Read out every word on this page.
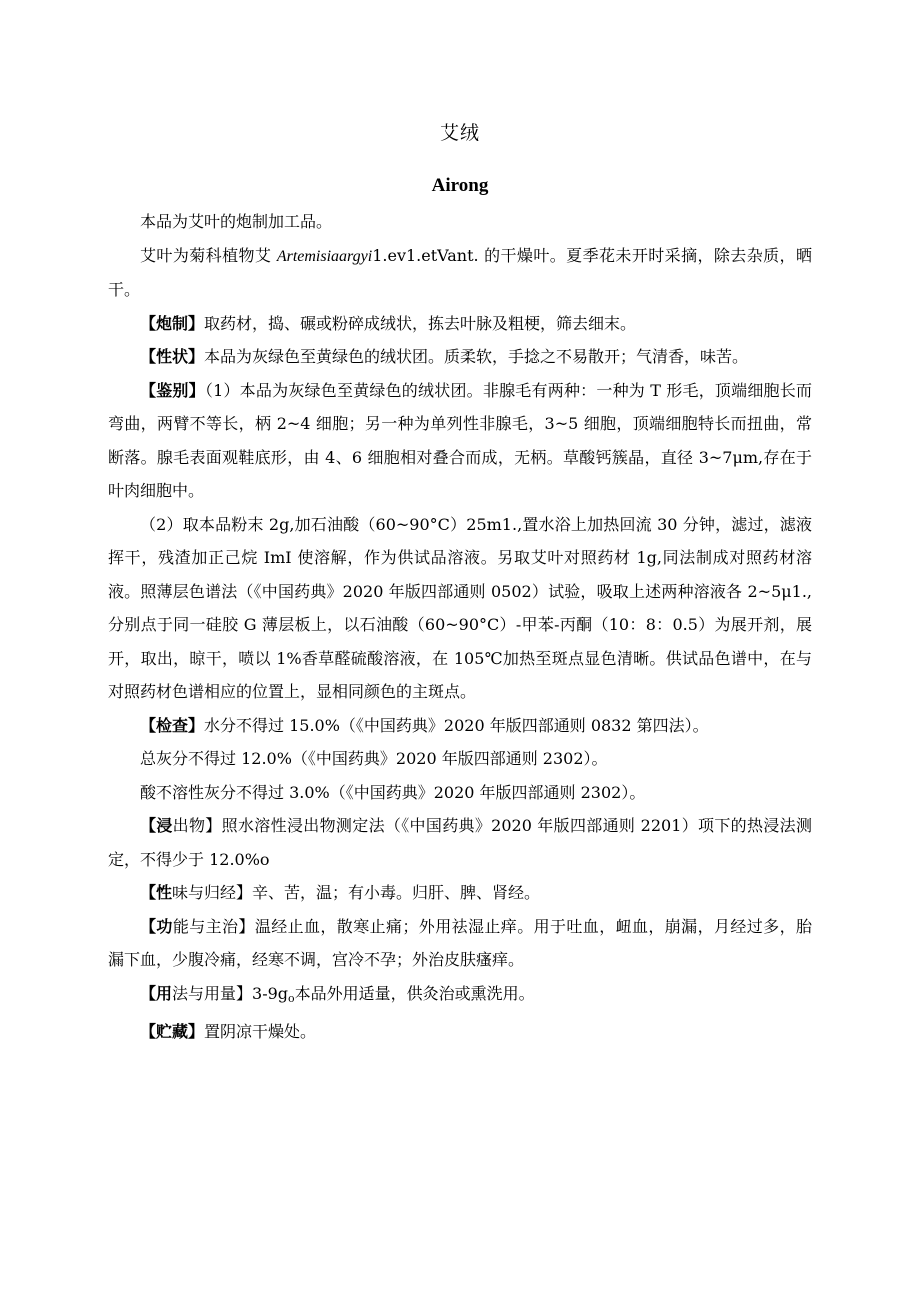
艾绒

Airong

本品为艾叶的炮制加工品。

艾叶为菊科植物艾 Artemisiaargyi1.ev1.etVant. 的干燥叶。夏季花未开时采摘，除去杂质，晒干。

【炮制】取药材，捣、碾或粉碎成绒状，拣去叶脉及粗梗，筛去细末。

【性状】本品为灰绿色至黄绿色的绒状团。质柔软，手捻之不易散开；气清香，味苦。

【鉴别】（1）本品为灰绿色至黄绿色的绒状团。非腺毛有两种：一种为 T 形毛，顶端细胞长而弯曲，两臂不等长，柄 2~4 细胞；另一种为单列性非腺毛，3~5 细胞，顶端细胞特长而扭曲，常断落。腺毛表面观鞋底形，由 4、6 细胞相对叠合而成，无柄。草酸钙簇晶，直径 3~7μm,存在于叶肉细胞中。

（2）取本品粉末 2g,加石油酸（60~90°C）25m1.,置水浴上加热回流 30 分钟，滤过，滤液挥干，残渣加正己烷 ImI 使溶解，作为供试品溶液。另取艾叶对照药材 1g,同法制成对照药材溶液。照薄层色谱法（《中国药典》2020 年版四部通则 0502）试验，吸取上述两种溶液各 2~5μ1.,分别点于同一硅胶 G 薄层板上，以石油酸（60~90°C）-甲苯-丙酮（10：8：0.5）为展开剂，展开，取出，晾干，喷以 1%香草醛硫酸溶液，在 105℃加热至斑点显色清晰。供试品色谱中，在与对照药材色谱相应的位置上，显相同颜色的主斑点。

【检查】水分不得过 15.0%（《中国药典》2020 年版四部通则 0832 第四法）。

总灰分不得过 12.0%（《中国药典》2020 年版四部通则 2302）。

酸不溶性灰分不得过 3.0%（《中国药典》2020 年版四部通则 2302）。

【浸出物】照水溶性浸出物测定法（《中国药典》2020 年版四部通则 2201）项下的热浸法测定，不得少于 12.0%o

【性味与归经】辛、苦，温；有小毒。归肝、脾、肾经。

【功能与主治】温经止血，散寒止痛；外用祛湿止痒。用于吐血，衄血，崩漏，月经过多，胎漏下血，少腹冷痛，经寒不调，宫冷不孕；外治皮肤瘙痒。

【用法与用量】$3-9g_o$本品外用适量，供灸治或熏洗用。

【贮藏】置阴凉干燥处。
